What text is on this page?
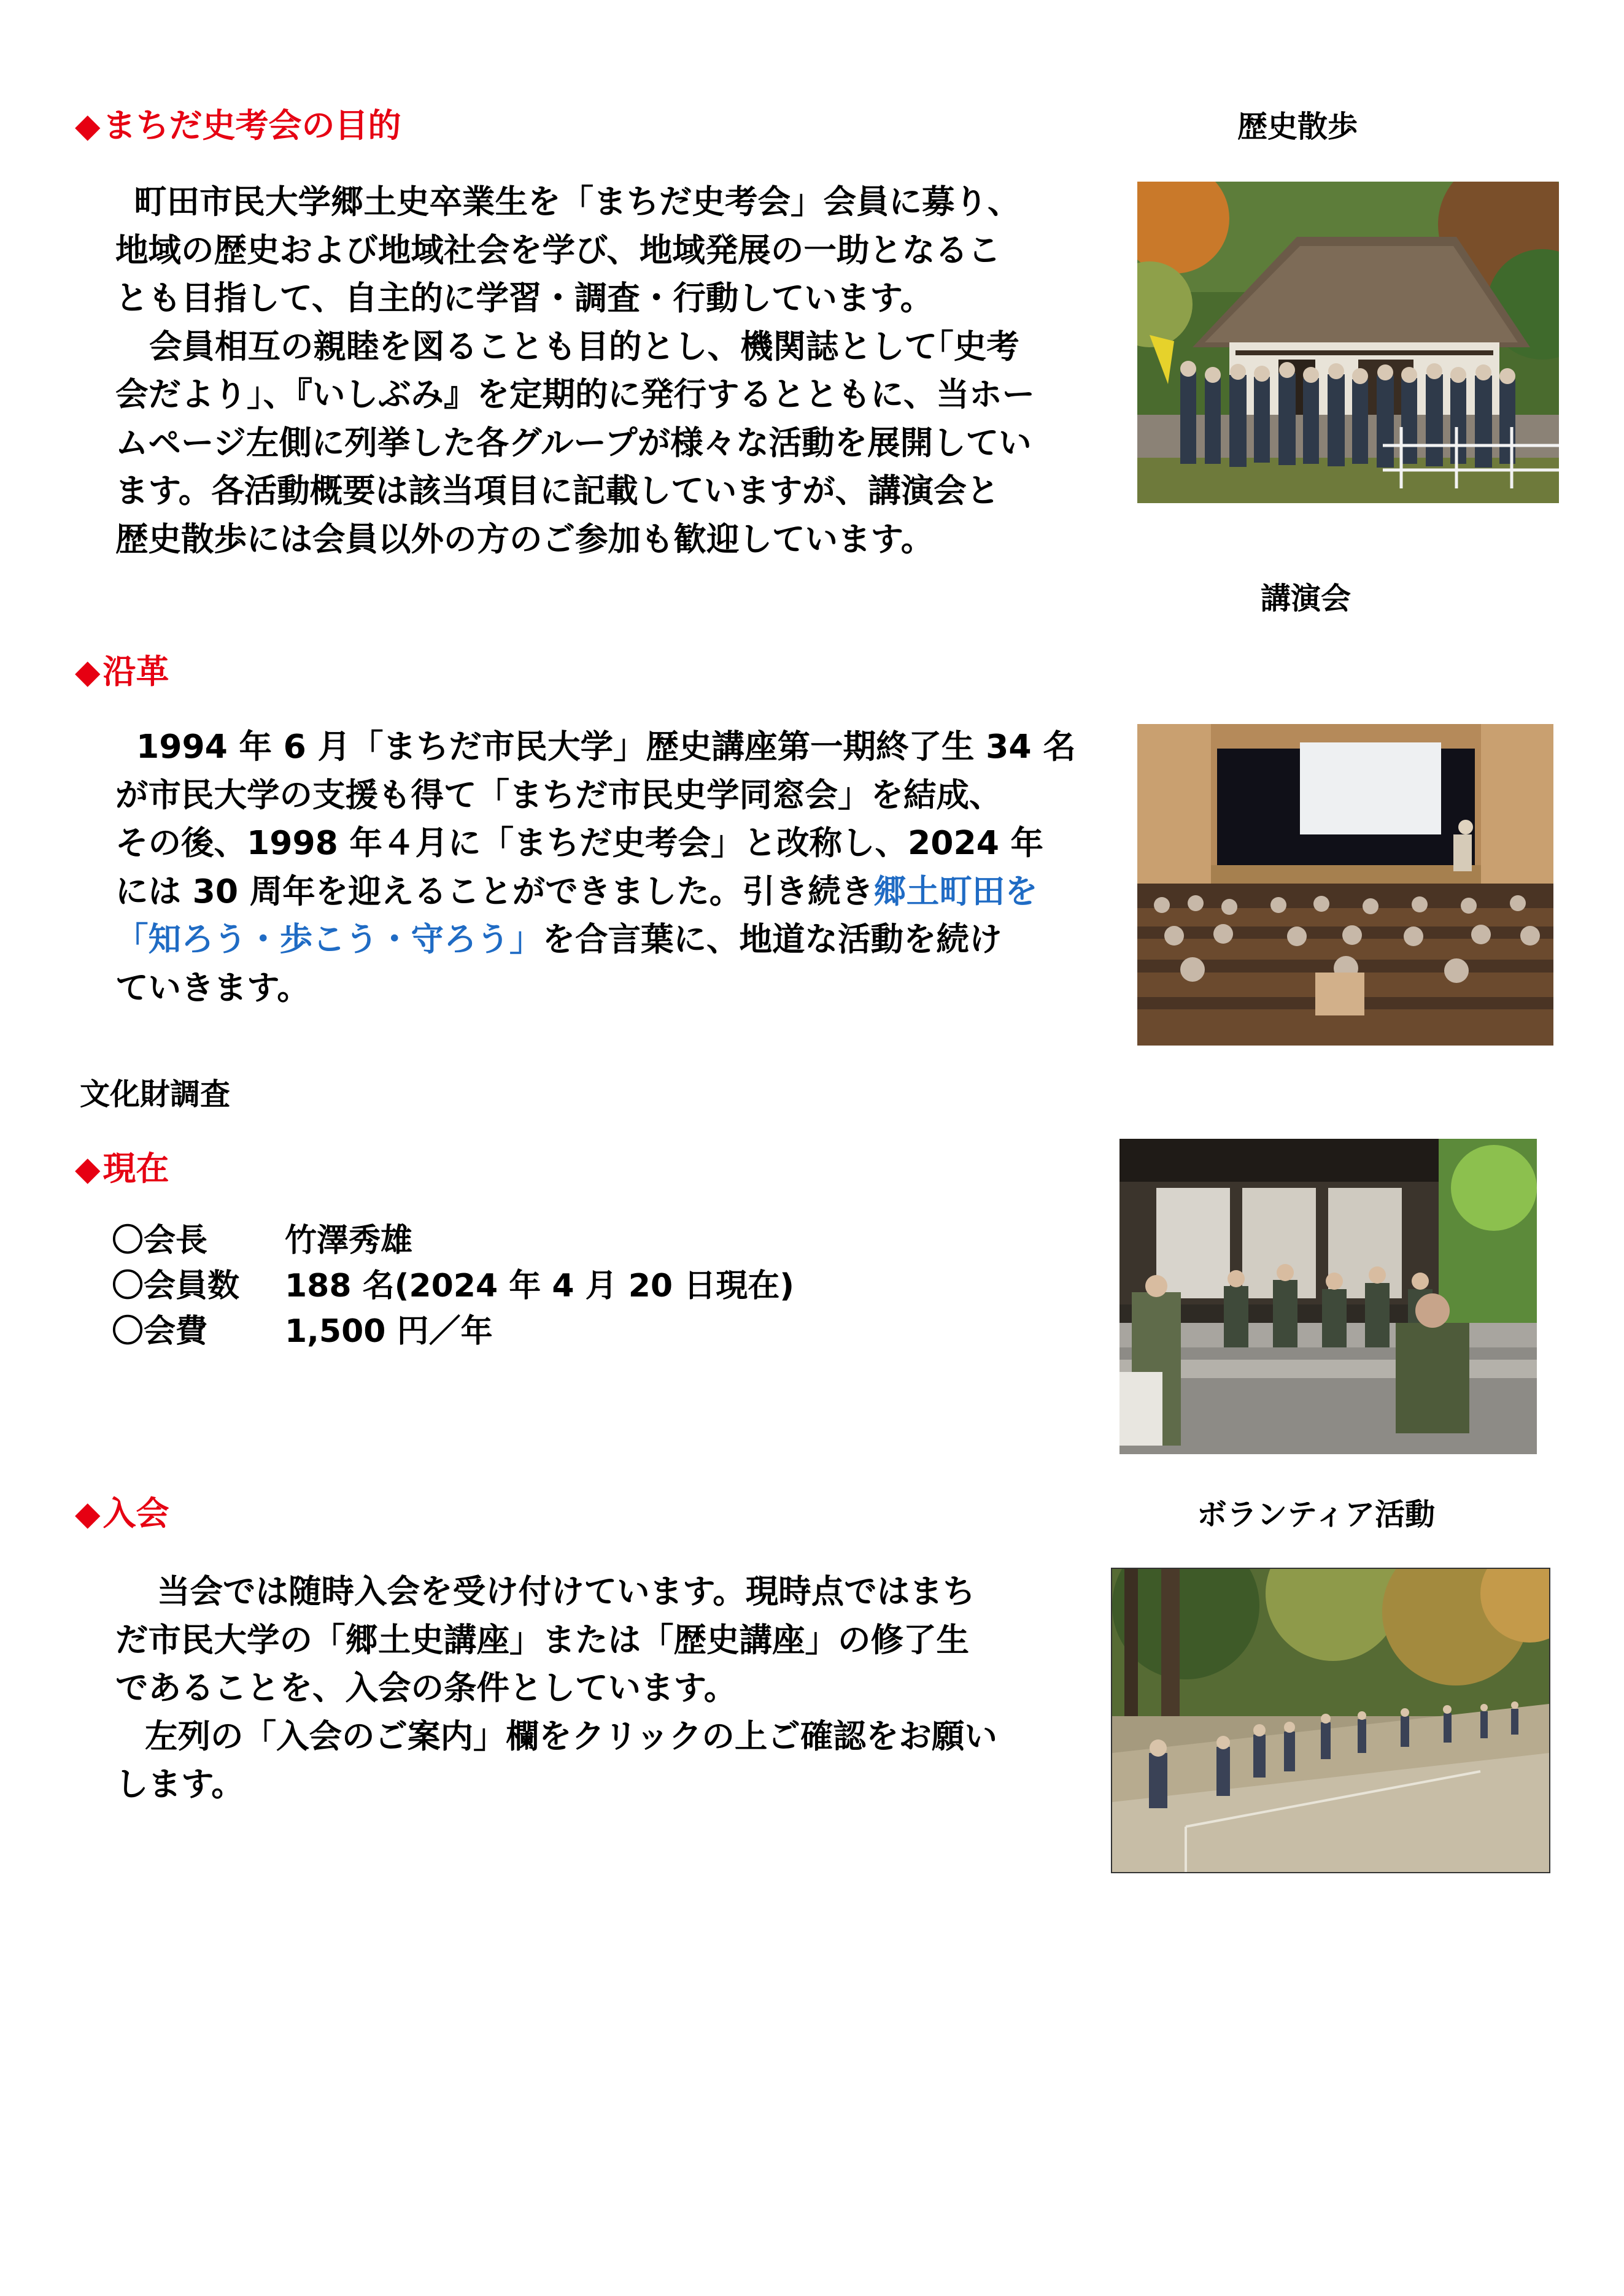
◆まちだ史考会の目的	歴史散歩
町田市民大学郷土史卒業生を「まちだ史考会」会員に募り、
地域の歴史および地域社会を学び、地域発展の一助となるこ
とも目指して、自主的に学習・調査・行動しています。
会員相互の親睦を図ることも目的とし、機関誌として｢史考
会だより｣、『いしぶみ』を定期的に発行するとともに、当ホー
ムページ左側に列挙した各グループが様々な活動を展開してい
ます。各活動概要は該当項目に記載していますが、講演会と
歴史散歩には会員以外の方のご参加も歓迎しています。
講演会
◆沿革
1994 年 6 月「まちだ市民大学」歴史講座第一期終了生 34 名
が市民大学の支援も得て「まちだ市民史学同窓会」を結成、
その後、1998 年４月に「まちだ史考会」と改称し、2024 年
には 30 周年を迎えることができました。引き続き郷土町田を
「知ろう・歩こう・守ろう」を合言葉に、地道な活動を続け
ていきます。
文化財調査
◆現在
〇会長 竹澤秀雄
〇会員数 188 名(2024 年 4 月 20 日現在)
〇会費 1,500 円／年
◆入会	ボランティア活動
当会では随時入会を受け付けています。現時点ではまち
だ市民大学の「郷土史講座」または「歴史講座」の修了生
であることを、入会の条件としています。
左列の「入会のご案内」欄をクリックの上ご確認をお願い
します。
